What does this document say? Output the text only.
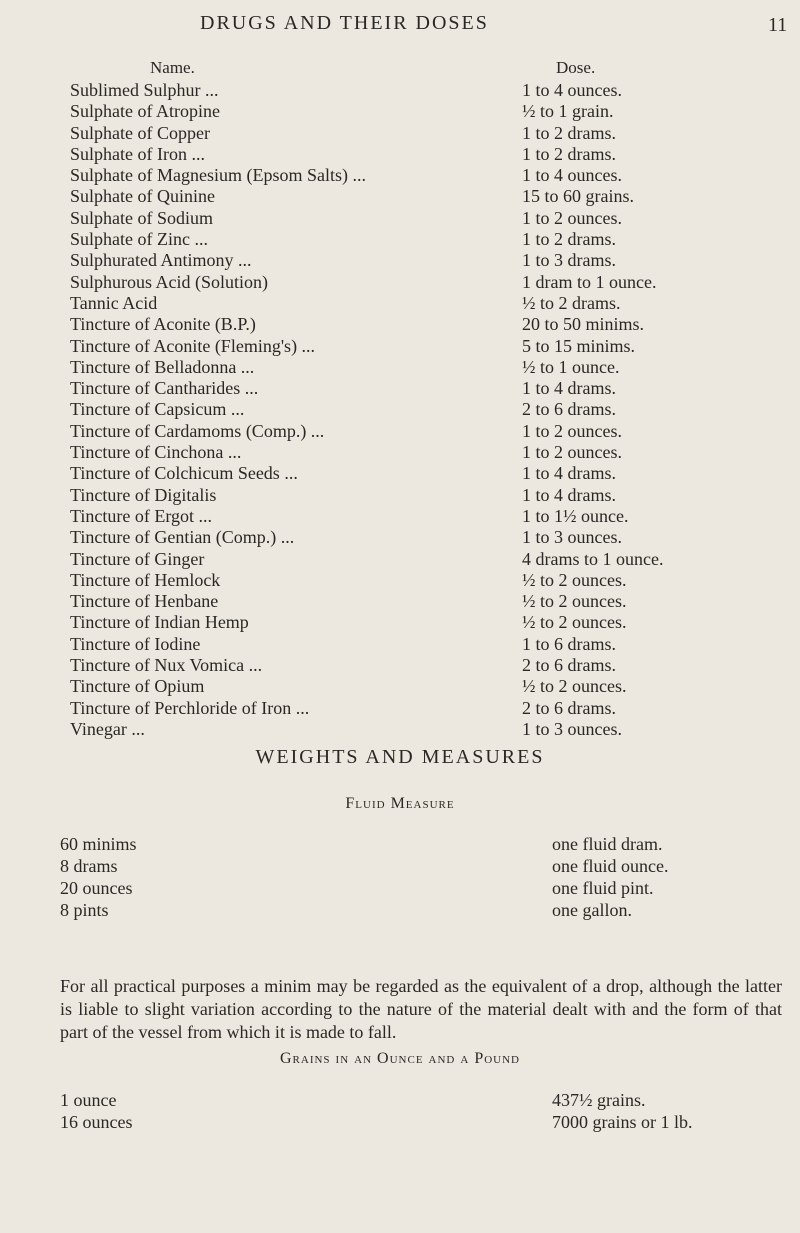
DRUGS AND THEIR DOSES	11
Name.	Dose.
Sublimed Sulphur ...	1 to 4 ounces.
Sulphate of Atropine	½ to 1 grain.
Sulphate of Copper	1 to 2 drams.
Sulphate of Iron ...	1 to 2 drams.
Sulphate of Magnesium (Epsom Salts) ...	1 to 4 ounces.
Sulphate of Quinine	15 to 60 grains.
Sulphate of Sodium	1 to 2 ounces.
Sulphate of Zinc ...	1 to 2 drams.
Sulphurated Antimony ...	1 to 3 drams.
Sulphurous Acid (Solution)	1 dram to 1 ounce.
Tannic Acid	½ to 2 drams.
Tincture of Aconite (B.P.)	20 to 50 minims.
Tincture of Aconite (Fleming's) ...	5 to 15 minims.
Tincture of Belladonna ...	½ to 1 ounce.
Tincture of Cantharides ...	1 to 4 drams.
Tincture of Capsicum ...	2 to 6 drams.
Tincture of Cardamoms (Comp.) ...	1 to 2 ounces.
Tincture of Cinchona ...	1 to 2 ounces.
Tincture of Colchicum Seeds ...	1 to 4 drams.
Tincture of Digitalis	1 to 4 drams.
Tincture of Ergot ...	1 to 1½ ounce.
Tincture of Gentian (Comp.) ...	1 to 3 ounces.
Tincture of Ginger	4 drams to 1 ounce.
Tincture of Hemlock	½ to 2 ounces.
Tincture of Henbane	½ to 2 ounces.
Tincture of Indian Hemp	½ to 2 ounces.
Tincture of Iodine	1 to 6 drams.
Tincture of Nux Vomica ...	2 to 6 drams.
Tincture of Opium	½ to 2 ounces.
Tincture of Perchloride of Iron ...	2 to 6 drams.
Vinegar ...	1 to 3 ounces.
WEIGHTS AND MEASURES
Fluid Measure
60 minims	one fluid dram.
8 drams	one fluid ounce.
20 ounces	one fluid pint.
8 pints	one gallon.
For all practical purposes a minim may be regarded as the equivalent of a drop, although the latter is liable to slight variation according to the nature of the material dealt with and the form of that part of the vessel from which it is made to fall.
Grains in an Ounce and a Pound
1 ounce	437½ grains.
16 ounces	7000 grains or 1 lb.
